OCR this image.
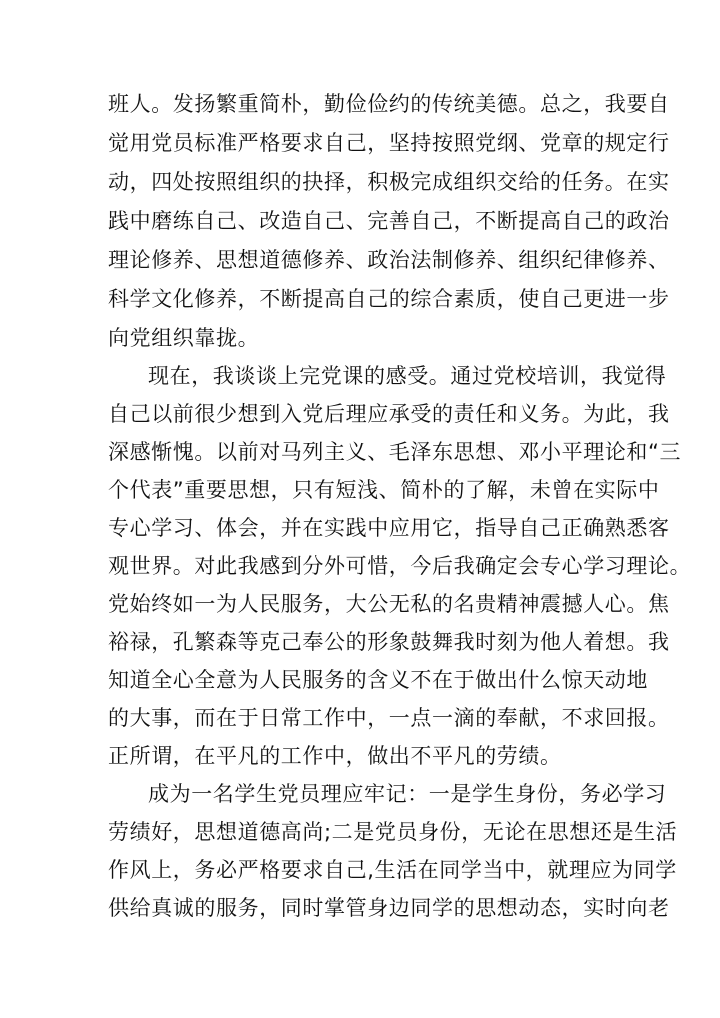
班人。发扬繁重简朴，勤俭俭约的传统美德。总之，我要自
觉用党员标准严格要求自己，坚持按照党纲、党章的规定行
动，四处按照组织的抉择，积极完成组织交给的任务。在实
践中磨练自己、改造自己、完善自己，不断提高自己的政治
理论修养、思想道德修养、政治法制修养、组织纪律修养、
科学文化修养，不断提高自己的综合素质，使自己更进一步
向党组织靠拢。
现在，我谈谈上完党课的感受。通过党校培训，我觉得
自己以前很少想到入党后理应承受的责任和义务。为此，我
深感惭愧。以前对马列主义、毛泽东思想、邓小平理论和“三
个代表”重要思想，只有短浅、简朴的了解，未曾在实际中
专心学习、体会，并在实践中应用它，指导自己正确熟悉客
观世界。对此我感到分外可惜，今后我确定会专心学习理论。
党始终如一为人民服务，大公无私的名贵精神震撼人心。焦
裕禄，孔繁森等克己奉公的形象鼓舞我时刻为他人着想。我
知道全心全意为人民服务的含义不在于做出什么惊天动地
的大事，而在于日常工作中，一点一滴的奉献，不求回报。
正所谓，在平凡的工作中，做出不平凡的劳绩。
成为一名学生党员理应牢记：一是学生身份，务必学习
劳绩好，思想道德高尚;二是党员身份，无论在思想还是生活
作风上，务必严格要求自己,生活在同学当中，就理应为同学
供给真诚的服务，同时掌管身边同学的思想动态，实时向老
